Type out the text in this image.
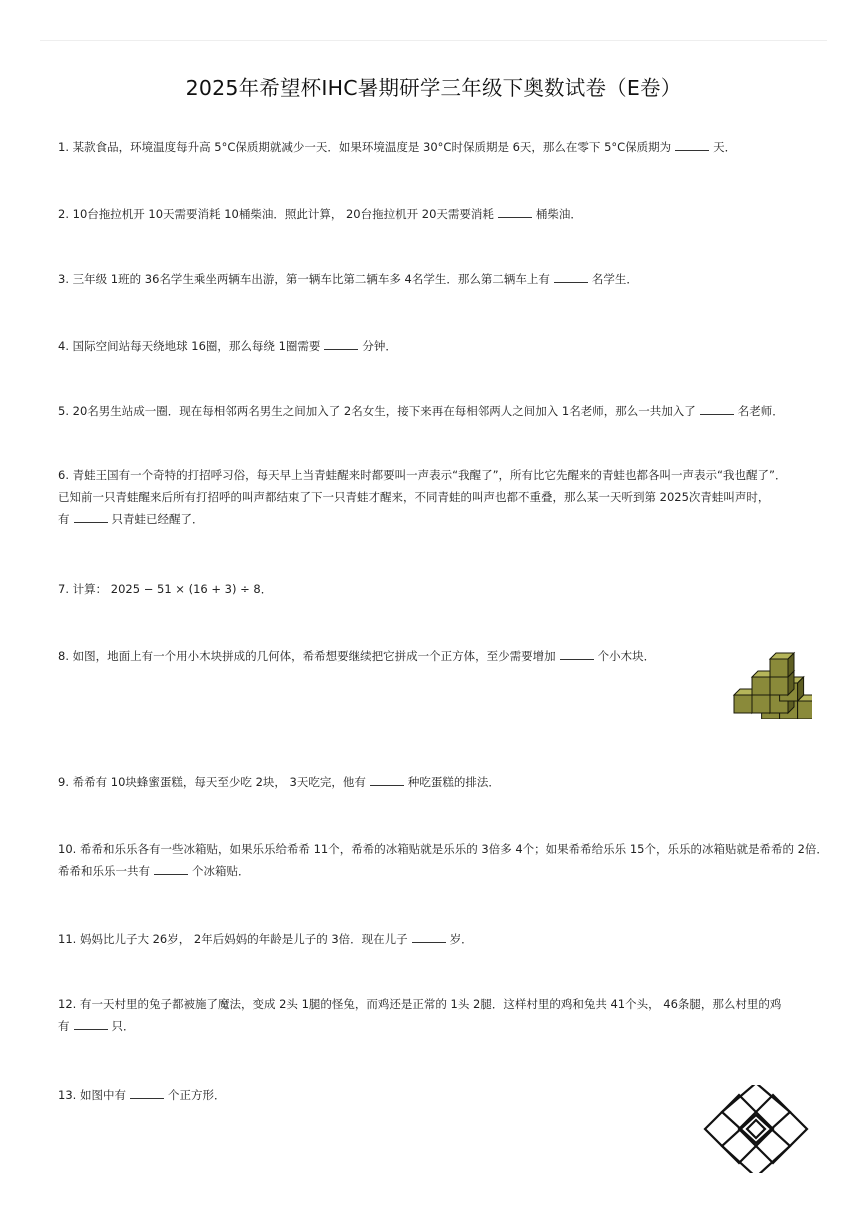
2025年希望杯IHC暑期研学三年级下奥数试卷（E卷）
1. 某款食品，环境温度每升高 5°C保质期就减少一天．如果环境温度是 30°C时保质期是 6天，那么在零下 5°C保质期为	天．
2. 10台拖拉机开 10天需要消耗 10桶柴油．照此计算， 20台拖拉机开 20天需要消耗	桶柴油．
3. 三年级 1班的 36名学生乘坐两辆车出游，第一辆车比第二辆车多 4名学生．那么第二辆车上有	名学生．
4. 国际空间站每天绕地球 16圈，那么每绕 1圈需要	分钟．
5. 20名男生站成一圈．现在每相邻两名男生之间加入了 2名女生，接下来再在每相邻两人之间加入 1名老师，那么一共加入了	名老师．
6. 青蛙王国有一个奇特的打招呼习俗，每天早上当青蛙醒来时都要叫一声表示“我醒了”，所有比它先醒来的青蛙也都各叫一声表示“我也醒了”．
已知前一只青蛙醒来后所有打招呼的叫声都结束了下一只青蛙才醒来，不同青蛙的叫声也都不重叠，那么某一天听到第 2025次青蛙叫声时，
有	只青蛙已经醒了．
7. 计算： 2025 − 51 × (16 + 3) ÷ 8．
8. 如图，地面上有一个用小木块拼成的几何体，希希想要继续把它拼成一个正方体，至少需要增加	个小木块．
9. 希希有 10块蜂蜜蛋糕，每天至少吃 2块， 3天吃完，他有	种吃蛋糕的排法．
10. 希希和乐乐各有一些冰箱贴，如果乐乐给希希 11个，希希的冰箱贴就是乐乐的 3倍多 4个；如果希希给乐乐 15个，乐乐的冰箱贴就是希希的 2倍．
希希和乐乐一共有	个冰箱贴．
11. 妈妈比儿子大 26岁， 2年后妈妈的年龄是儿子的 3倍．现在儿子	岁．
12. 有一天村里的兔子都被施了魔法，变成 2头 1腿的怪兔，而鸡还是正常的 1头 2腿．这样村里的鸡和兔共 41个头， 46条腿，那么村里的鸡
有	只．
13. 如图中有	个正方形．
